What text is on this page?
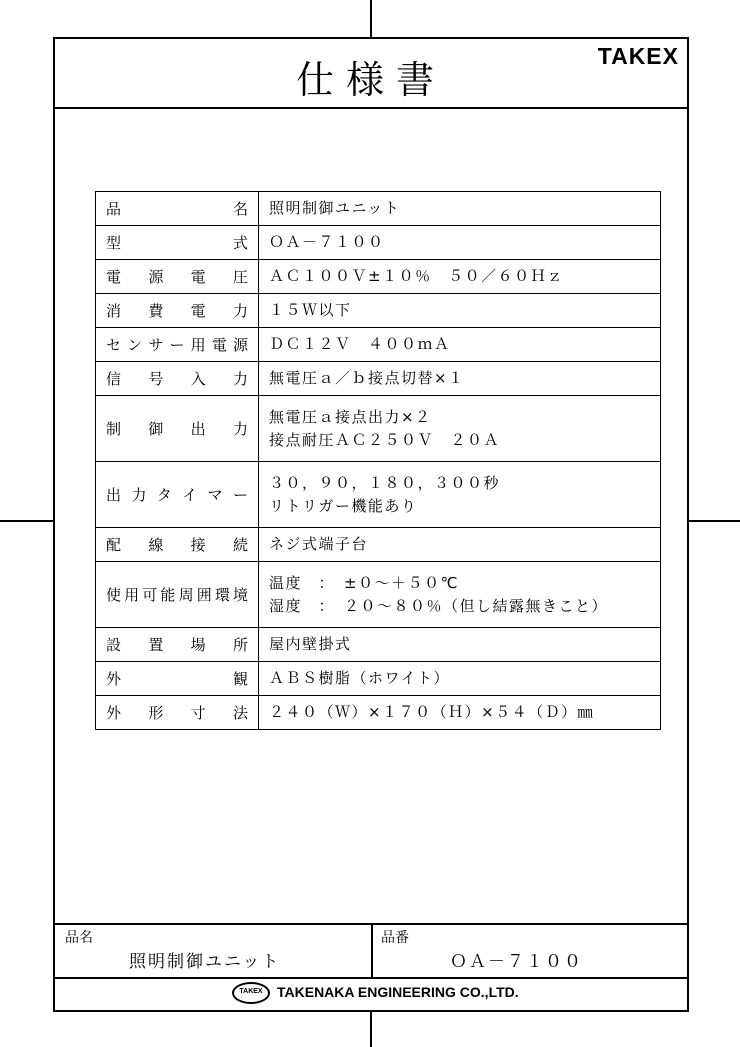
仕様書
TAKEX
品　　　　名	照明制御ユニット

型　　　　式	ＯＡ－７１００

電　源　電　圧	ＡＣ１００Ｖ±１０％　５０／６０Ｈｚ

消　費　電　力	１５Ｗ以下

センサー用電源	ＤＣ１２Ｖ　４００ｍＡ

信　号　入　力	無電圧ａ／ｂ接点切替×１

制　御　出　力	無電圧ａ接点出力×２
接点耐圧ＡＣ２５０Ｖ　２０Ａ

出力タイマー	３０，９０，１８０，３００秒
リトリガー機能あり

配　線　接　続	ネジ式端子台

使用可能周囲環境	温度　：　±０～＋５０℃
湿度　：　２０～８０％（但し結露無きこと）

設　置　場　所	屋内壁掛式

外　　　　観	ＡＢＳ樹脂（ホワイト）

外　形　寸　法	２４０（Ｗ）×１７０（Ｈ）×５４（Ｄ）㎜
品名
照明制御ユニット
品番
ＯＡ－７１００
TAKEX	TAKENAKA ENGINEERING CO.,LTD.
